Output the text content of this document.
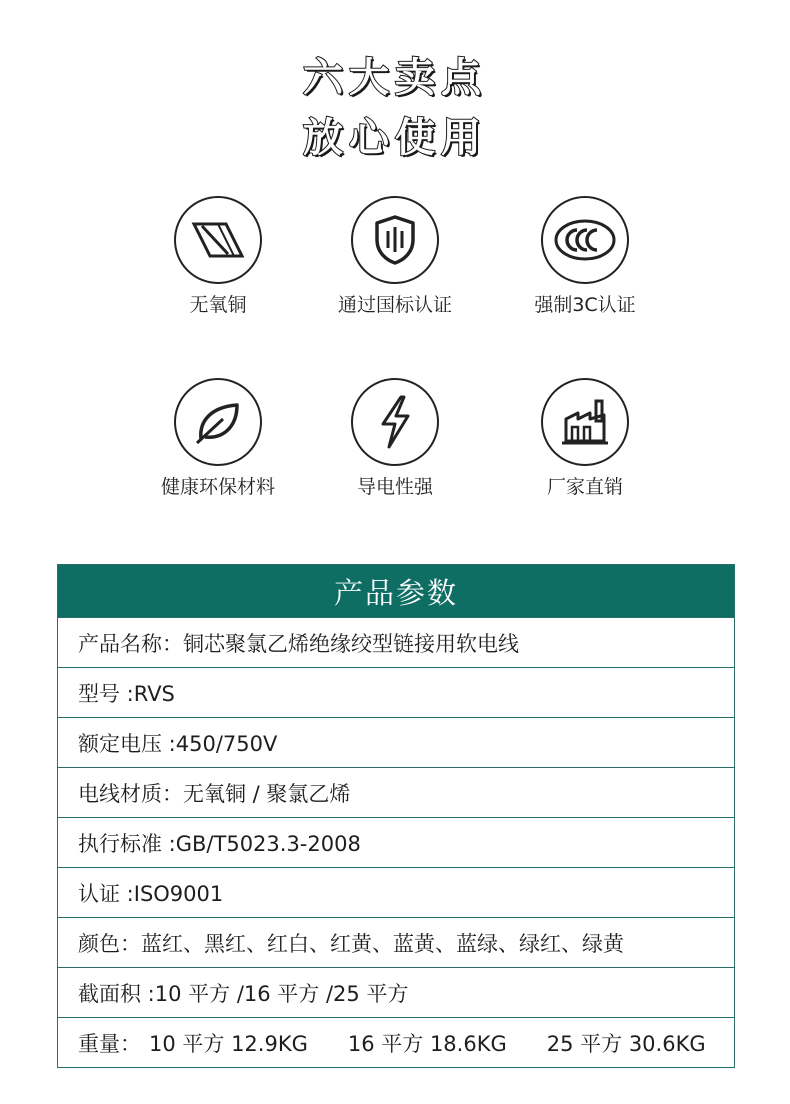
六大卖点
放心使用
无氧铜	通过国标认证	强制3C认证
健康环保材料	导电性强	厂家直销
产品参数
产品名称：铜芯聚氯乙烯绝缘绞型链接用软电线
型号 :RVS
额定电压 :450/750V
电线材质：无氧铜 / 聚氯乙烯
执行标准 :GB/T5023.3-2008
认证 :ISO9001
颜色：蓝红、黑红、红白、红黄、蓝黄、蓝绿、绿红、绿黄
截面积 :10 平方 /16 平方 /25 平方
重量： 10 平方 12.9KG 16 平方 18.6KG 25 平方 30.6KG
